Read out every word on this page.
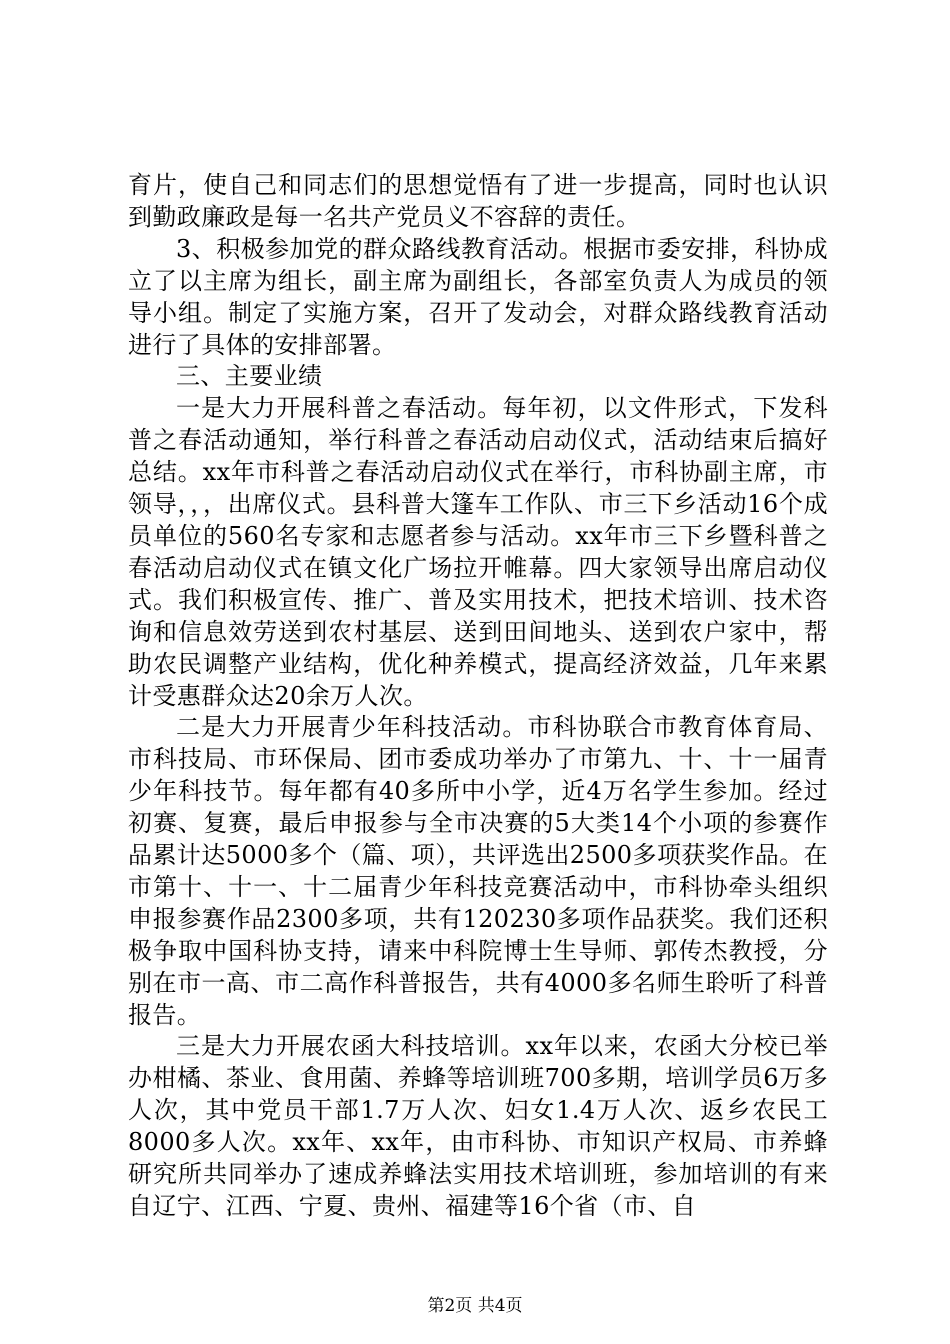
育片，使自己和同志们的思想觉悟有了进一步提高，同时也认识到勤政廉政是每一名共产党员义不容辞的责任。

3、积极参加党的群众路线教育活动。根据市委安排，科协成立了以主席为组长，副主席为副组长，各部室负责人为成员的领导小组。制定了实施方案，召开了发动会，对群众路线教育活动进行了具体的安排部署。

三、主要业绩

一是大力开展科普之春活动。每年初，以文件形式，下发科普之春活动通知，举行科普之春活动启动仪式，活动结束后搞好总结。xx年市科普之春活动启动仪式在举行，市科协副主席，市领导，，，出席仪式。县科普大篷车工作队、市三下乡活动16个成员单位的560名专家和志愿者参与活动。xx年市三下乡暨科普之春活动启动仪式在镇文化广场拉开帷幕。四大家领导出席启动仪式。我们积极宣传、推广、普及实用技术，把技术培训、技术咨询和信息效劳送到农村基层、送到田间地头、送到农户家中，帮助农民调整产业结构，优化种养模式，提高经济效益，几年来累计受惠群众达20余万人次。

二是大力开展青少年科技活动。市科协联合市教育体育局、市科技局、市环保局、团市委成功举办了市第九、十、十一届青少年科技节。每年都有40多所中小学，近4万名学生参加。经过初赛、复赛，最后申报参与全市决赛的5大类14个小项的参赛作品累计达5000多个（篇、项），共评选出2500多项获奖作品。在市第十、十一、十二届青少年科技竞赛活动中，市科协牵头组织申报参赛作品2300多项，共有120230多项作品获奖。我们还积极争取中国科协支持，请来中科院博士生导师、郭传杰教授，分别在市一高、市二高作科普报告，共有4000多名师生聆听了科普报告。

三是大力开展农函大科技培训。xx年以来，农函大分校已举办柑橘、茶业、食用菌、养蜂等培训班700多期，培训学员6万多人次，其中党员干部1.7万人次、妇女1.4万人次、返乡农民工8000多人次。xx年、xx年，由市科协、市知识产权局、市养蜂研究所共同举办了速成养蜂法实用技术培训班，参加培训的有来自辽宁、江西、宁夏、贵州、福建等16个省（市、自

第2页 共4页
